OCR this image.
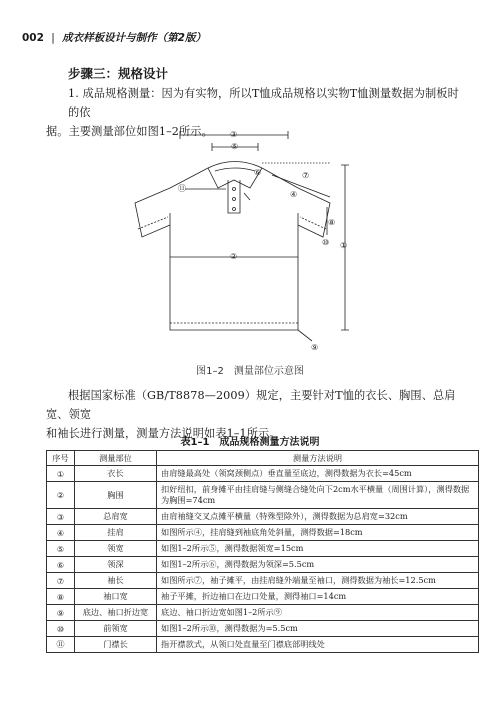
002 | 成衣样板设计与制作（第2版）
步骤三：规格设计
1. 成品规格测量：因为有实物，所以T恤成品规格以实物T恤测量数据为制板时的依
据。主要测量部位如图1–2所示。	③
⑤
②
①
⑨
⑥	⑦
④
⑧
⑩
⑪
图1–2　测量部位示意图
根据国家标准（GB/T8878—2009）规定，主要针对T恤的衣长、胸围、总肩宽、领宽
和袖长进行测量，测量方法说明如表1–1所示。
表1–1　成品规格测量方法说明
序号	测量部位	测量方法说明
①	衣长	由肩缝最高处（领窝颈侧点）垂直量至底边，测得数据为衣长=45cm
②	胸围	扣好纽扣，前身摊平由挂肩缝与侧缝合缝处向下2cm水平横量（周围计算），测得数据为胸围=74cm
③	总肩宽	由肩袖缝交叉点摊平横量（特殊型除外），测得数据为总肩宽=32cm
④	挂肩	如图所示④，挂肩缝到袖底角处斜量，测得数据=18cm
⑤	领宽	如图1–2所示⑤，测得数据领宽=15cm
⑥	领深	如图1–2所示⑥，测得数据为领深=5.5cm
⑦	袖长	如图所示⑦，袖子摊平，由挂肩缝外端量至袖口，测得数据为袖长=12.5cm
⑧	袖口宽	袖子平摊，折边袖口在边口处量，测得袖口=14cm
⑨	底边、袖口折边宽	底边、袖口折边宽如图1–2所示⑨
⑩	前领宽	如图1–2所示⑩，测得数据为=5.5cm
⑪	门襟长	指开襟款式，从领口处直量至门襟底部明线处
